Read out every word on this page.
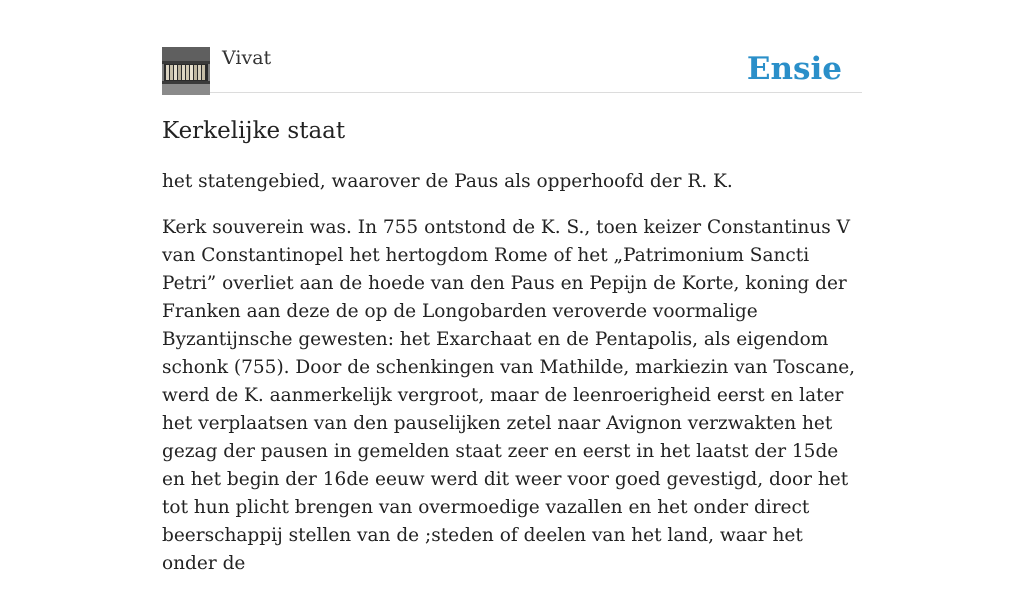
Vivat	Ensie
Kerkelijke staat

het statengebied, waarover de Paus als opperhoofd der R. K.

Kerk souverein was. In 755 ontstond de K. S., toen keizer Constantinus V van Constantinopel het hertogdom Rome of het „Patrimonium Sancti Petri” overliet aan de hoede van den Paus en Pepijn de Korte, koning der Franken aan deze de op de Longobarden veroverde voormalige Byzantijnsche gewesten: het Exarchaat en de Pentapolis, als eigendom schonk (755). Door de schenkingen van Mathilde, markiezin van Toscane, werd de K. aanmerkelijk vergroot, maar de leenroerigheid eerst en later het verplaatsen van den pauselijken zetel naar Avignon verzwakten het gezag der pausen in gemelden staat zeer en eerst in het laatst der 15de en het begin der 16de eeuw werd dit weer voor goed gevestigd, door het tot hun plicht brengen van overmoedige vazallen en het onder direct beerschappij stellen van de ;steden of deelen van het land, waar het onder de
